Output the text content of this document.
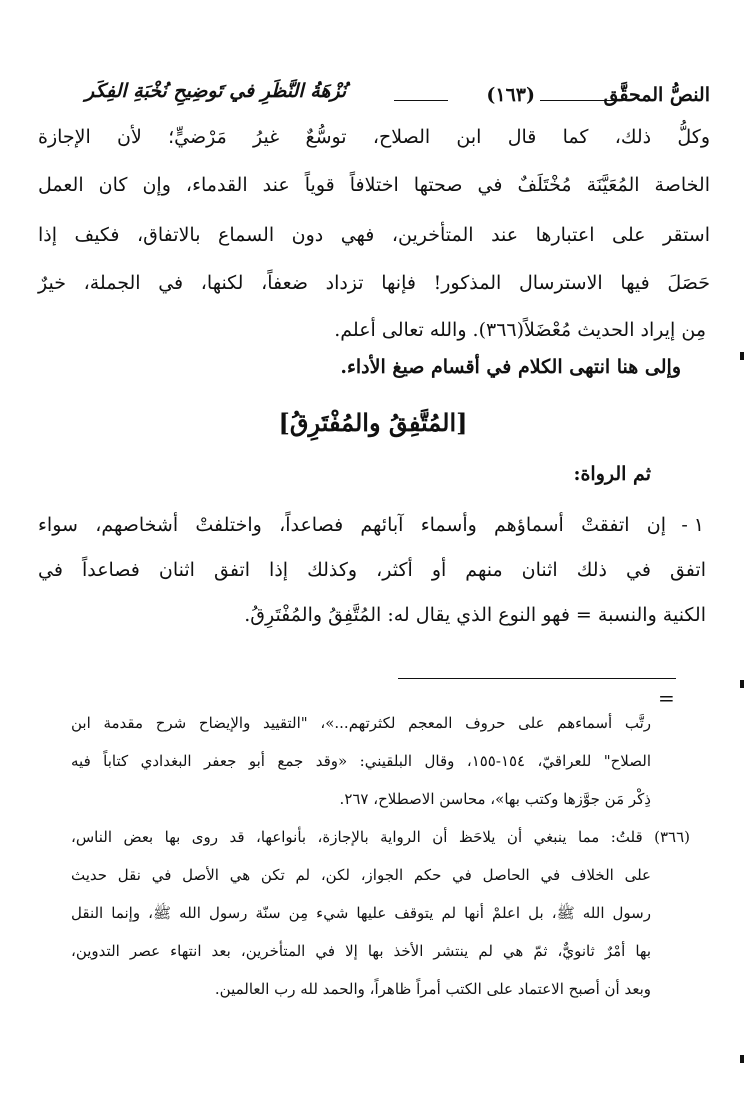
النصُّ المحقَّق
(١٦٣)
نُزْهَةُ النَّظَرِ في تَوضِيحِ نُخْبَةِ الفِكَر
وكلُّ ذلك، كما قال ابن الصلاح، توسُّعٌ غيرُ مَرْضيٍّ؛ لأن الإجازة
الخاصة المُعَيَّنَة مُخْتَلَفٌ في صحتها اختلافاً قوياً عند القدماء، وإن كان العمل
استقر على اعتبارها عند المتأخرين، فهي دون السماع بالاتفاق، فكيف إذا
حَصَلَ فيها الاسترسال المذكور! فإنها تزداد ضعفاً، لكنها، في الجملة، خيرٌ
مِن إيراد الحديث مُعْضَلاً(٣٦٦). والله تعالى أعلم.
وإلى هنا انتهى الكلام في أقسام صيغ الأداء.
[المُتَّفِقُ والمُفْتَرِقُ]
ثم الرواة:
١ -
إن اتفقتْ أسماؤهم وأسماء آبائهم فصاعداً، واختلفتْ أشخاصهم، سواء
اتفق في ذلك اثنان منهم أو أكثر، وكذلك إذا اتفق اثنان فصاعداً في
الكنية والنسبة = فهو النوع الذي يقال له: المُتَّفِقُ والمُفْتَرِقُ.
=
رتَّب أسماءهم على حروف المعجم لكثرتهم...»، "التقييد والإيضاح شرح مقدمة ابن
الصلاح" للعراقيّ، ١٥٤-١٥٥، وقال البلقيني: «وقد جمع أبو جعفر البغدادي كتاباً فيه
ذِكْر مَن جوَّزها وكتب بها»، محاسن الاصطلاح، ٢٦٧.
(٣٦٦) قلتُ: مما ينبغي أن يلاحَظ أن الرواية بالإجازة، بأنواعها، قد روى بها بعض الناس،
على الخلاف في الحاصل في حكم الجواز، لكن، لم تكن هي الأصل في نقل حديث
رسول الله ﷺ، بل اعلمْ أنها لم يتوقف عليها شيء مِن سنّة رسول الله ﷺ، وإنما النقل
بها أمْرٌ ثانويٌّ، ثمّ هي لم ينتشر الأخذ بها إلا في المتأخرين، بعد انتهاء عصر التدوين،
وبعد أن أصبح الاعتماد على الكتب أمراً ظاهراً، والحمد لله رب العالمين.
